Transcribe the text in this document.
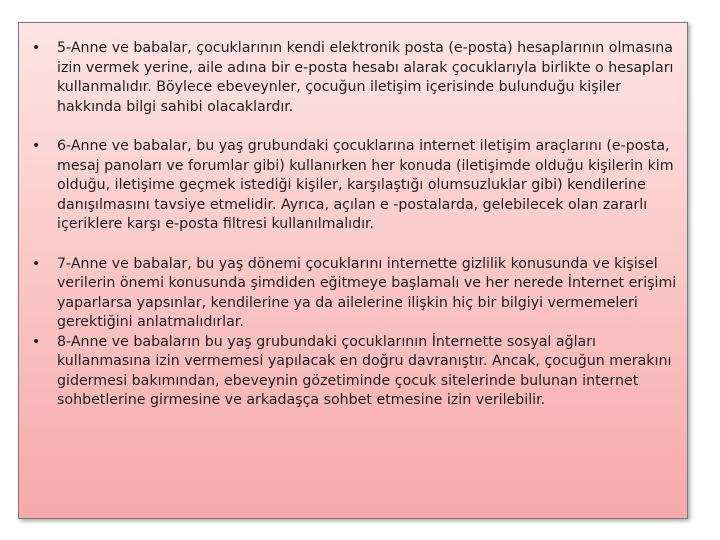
• 5-Anne ve babalar, çocuklarının kendi elektronik posta (e-posta) hesaplarının olmasına izin vermek yerine, aile adına bir e-posta hesabı alarak çocuklarıyla birlikte o hesapları kullanmalıdır. Böylece ebeveynler, çocuğun iletişim içerisinde bulunduğu kişiler hakkında bilgi sahibi olacaklardır.
• 6-Anne ve babalar, bu yaş grubundaki çocuklarına internet iletişim araçlarını (e-posta, mesaj panoları ve forumlar gibi) kullanırken her konuda (iletişimde olduğu kişilerin kim olduğu, iletişime geçmek istediği kişiler, karşılaştığı olumsuzluklar gibi) kendilerine danışılmasını tavsiye etmelidir. Ayrıca, açılan e -postalarda, gelebilecek olan zararlı içeriklere karşı e-posta filtresi kullanılmalıdır.
• 7-Anne ve babalar, bu yaş dönemi çocuklarını internette gizlilik konusunda ve kişisel verilerin önemi konusunda şimdiden eğitmeye başlamalı ve her nerede İnternet erişimi yaparlarsa yapsınlar, kendilerine ya da ailelerine ilişkin hiç bir bilgiyi vermemeleri gerektiğini anlatmalıdırlar.
• 8-Anne ve babaların bu yaş grubundaki çocuklarının İnternette sosyal ağları kullanmasına izin vermemesi yapılacak en doğru davranıştır. Ancak, çocuğun merakını gidermesi bakımından, ebeveynin gözetiminde çocuk sitelerinde bulunan internet sohbetlerine girmesine ve arkadaşça sohbet etmesine izin verilebilir.
